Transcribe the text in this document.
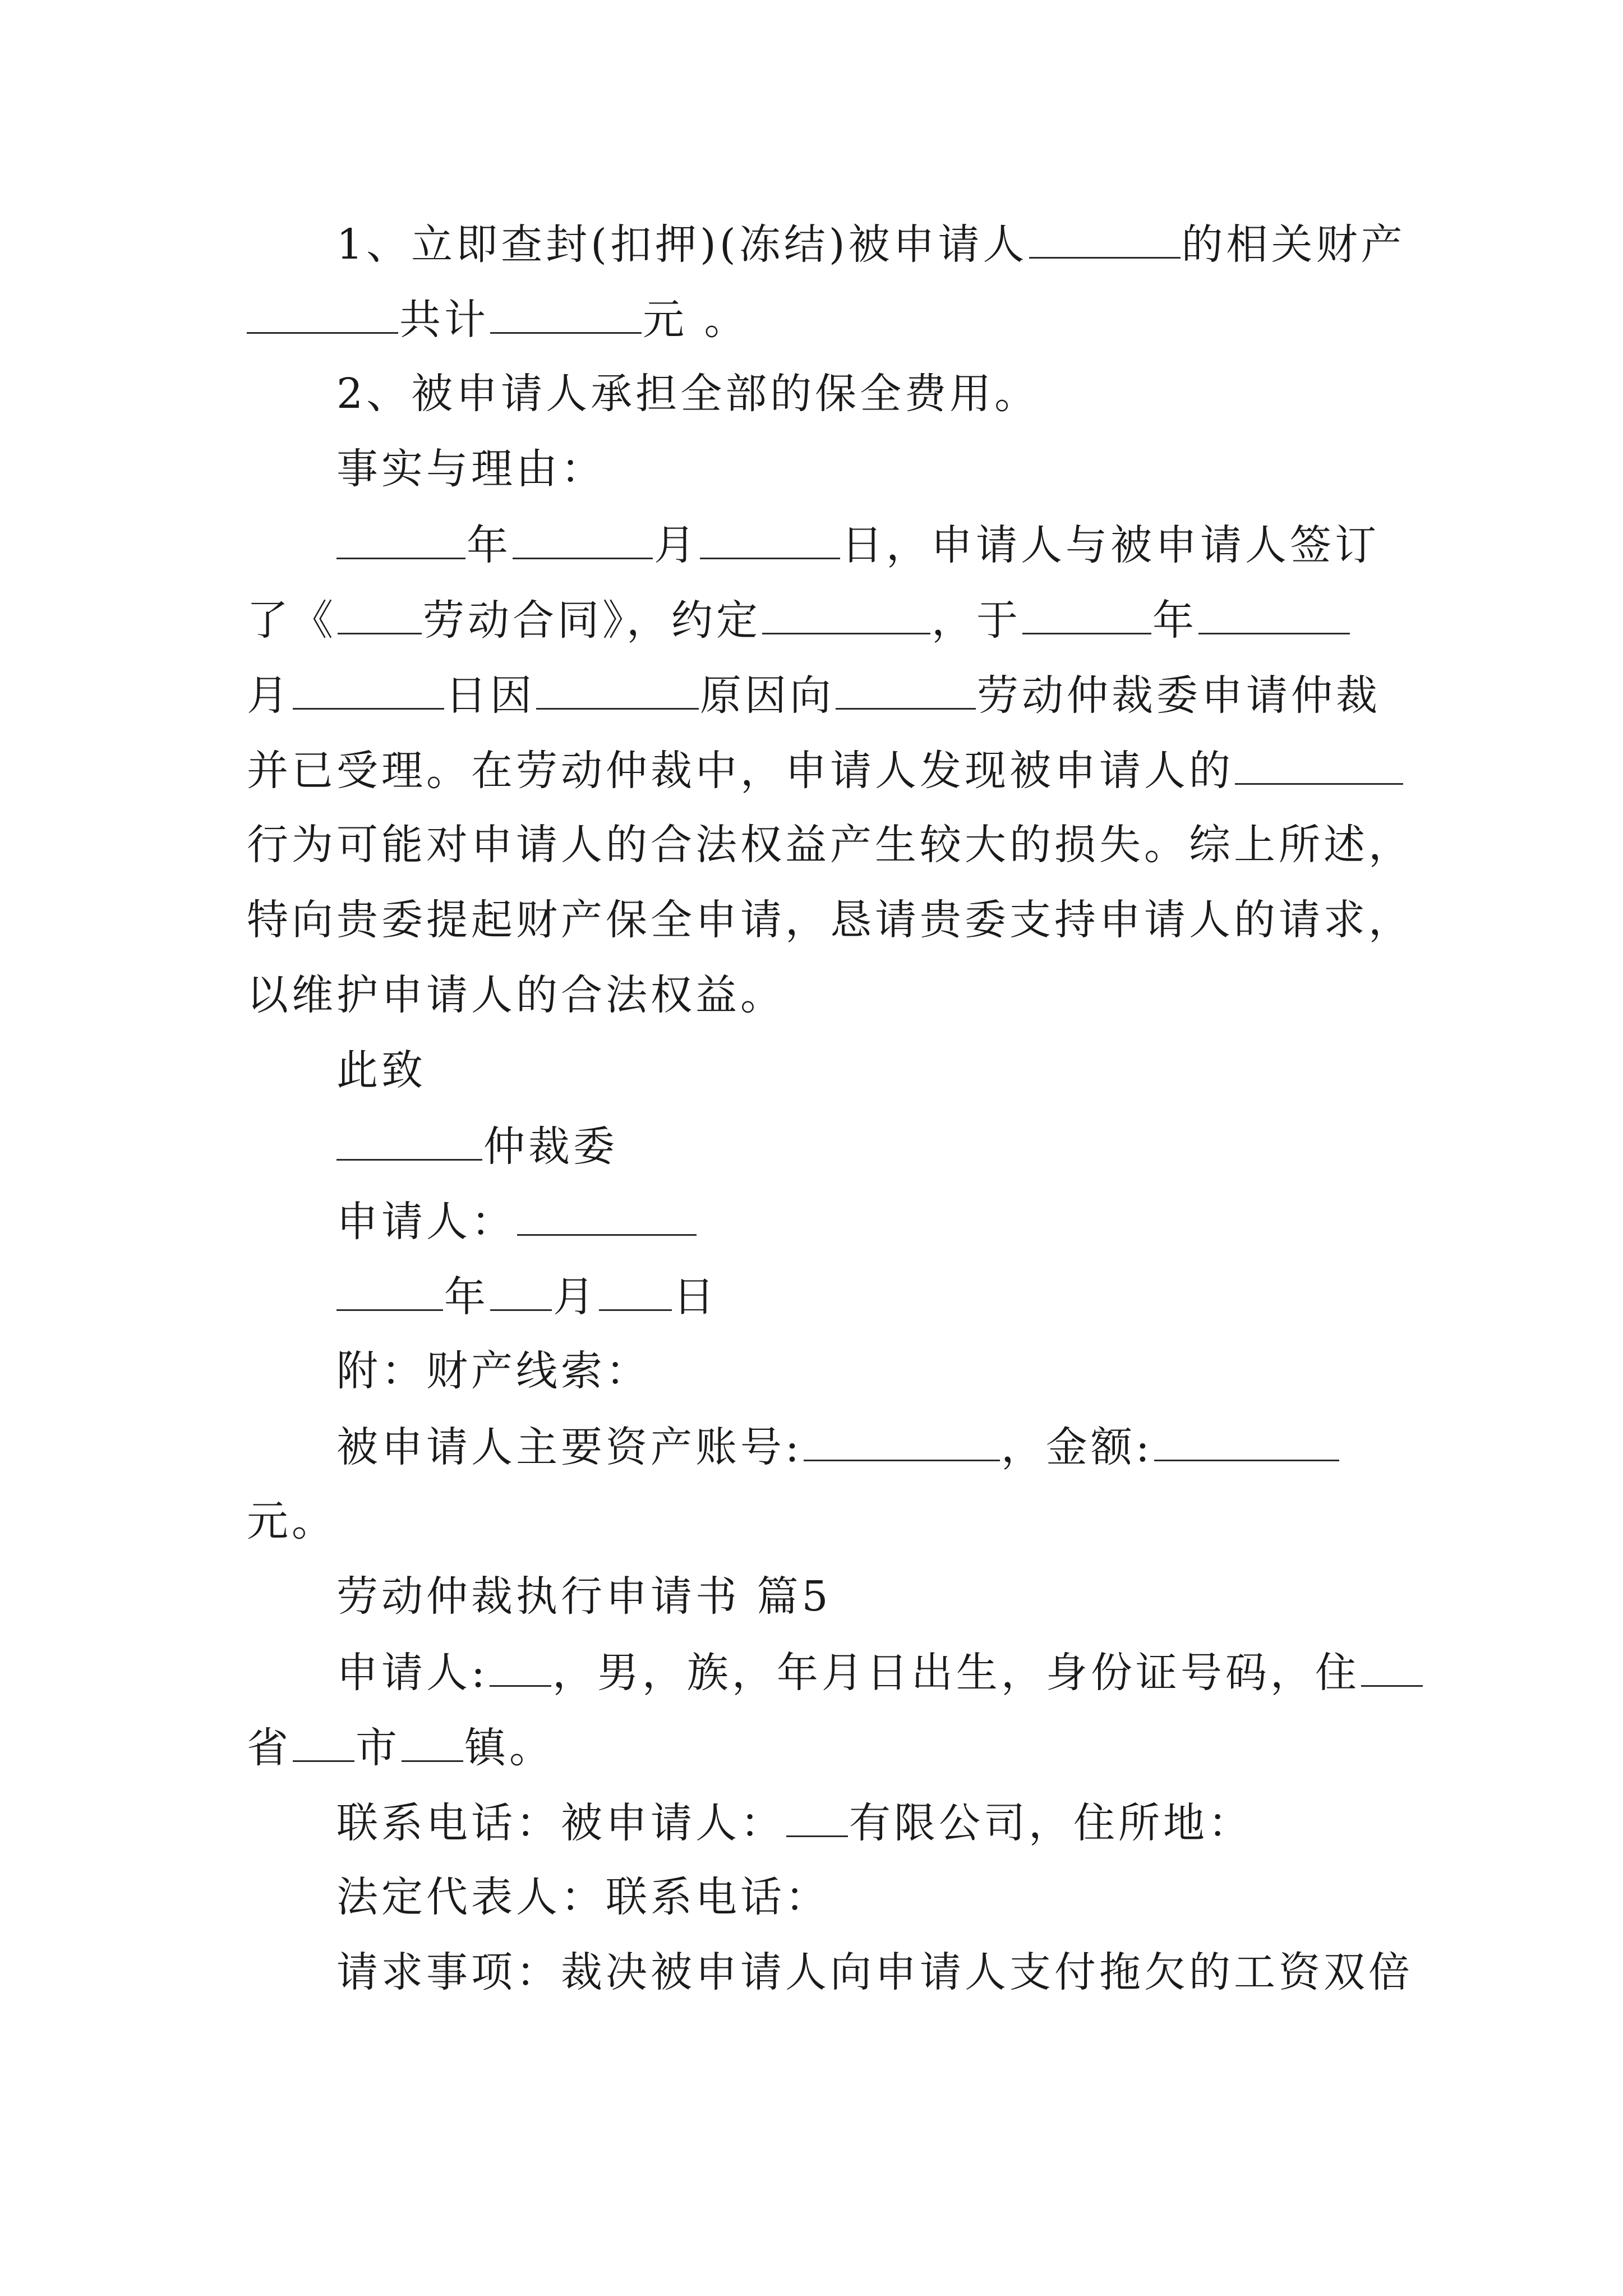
1、立即查封(扣押)(冻结)被申请人	的相关财产
共计	元 。
2、被申请人承担全部的保全费用。
事实与理由：
年	月	日，申请人与被申请人签订
了《 劳动合同》，约定	，于	年
月	日因	原因向	劳动仲裁委申请仲裁
并已受理。在劳动仲裁中，申请人发现被申请人的
行为可能对申请人的合法权益产生较大的损失。综上所述，
特向贵委提起财产保全申请，恳请贵委支持申请人的请求，
以维护申请人的合法权益。
此致
仲裁委
申请人：
年 月 日
附：财产线索：
被申请人主要资产账号:	，金额:
元。
劳动仲裁执行申请书 篇5
申请人: ，男，族，年月日出生，身份证号码，住
省 市 镇。
联系电话：被申请人： 有限公司，住所地：
法定代表人：联系电话：
请求事项：裁决被申请人向申请人支付拖欠的工资双倍
